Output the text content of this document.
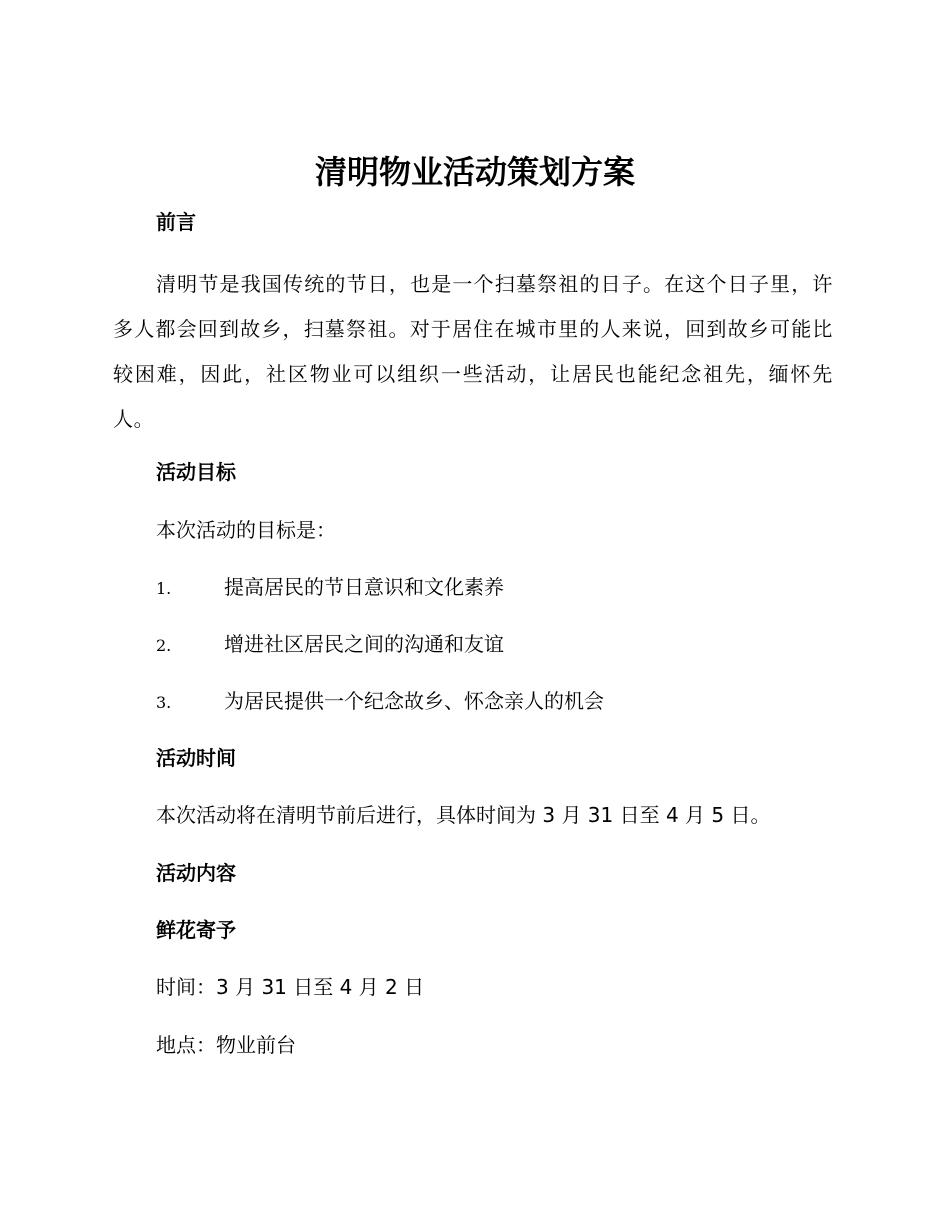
清明物业活动策划方案
前言

清明节是我国传统的节日，也是一个扫墓祭祖的日子。在这个日子里，许多人都会回到故乡，扫墓祭祖。对于居住在城市里的人来说，回到故乡可能比较困难，因此，社区物业可以组织一些活动，让居民也能纪念祖先，缅怀先人。

活动目标

本次活动的目标是：

1.	提高居民的节日意识和文化素养
2.	增进社区居民之间的沟通和友谊
3.	为居民提供一个纪念故乡、怀念亲人的机会
活动时间

本次活动将在清明节前后进行，具体时间为 3 月 31 日至 4 月 5 日。

活动内容
鲜花寄予

时间：3 月 31 日至 4 月 2 日

地点：物业前台
